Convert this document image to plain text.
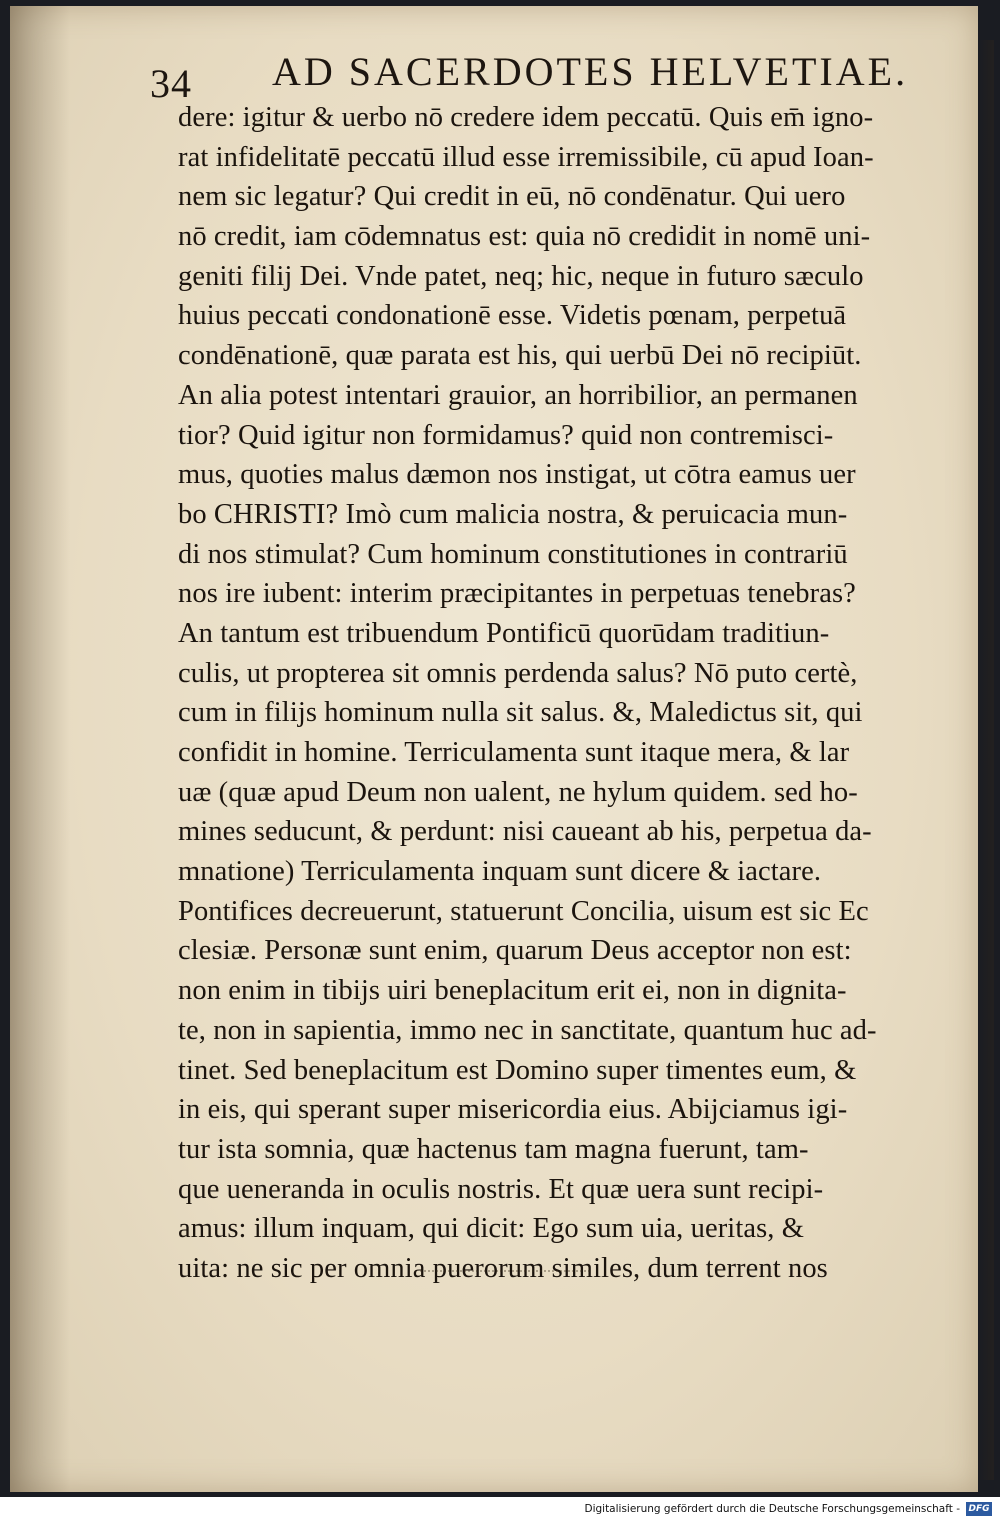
34 AD SACERDOTES HELVETIAE.
dere: igitur & uerbo nō credere idem peccatū. Quis em̄ igno-
rat infidelitatē peccatū illud esse irremissibile, cū apud Ioan-
nem sic legatur? Qui credit in eū, nō condēnatur. Qui uero
nō credit, iam cōdemnatus est: quia nō credidit in nomē uni-
geniti filij Dei. Vnde patet, neq; hic, neque in futuro sæculo
huius peccati condonationē esse. Videtis pœnam, perpetuā
condēnationē, quæ parata est his, qui uerbū Dei nō recipiūt.
An alia potest intentari grauior, an horribilior, an permanen
tior? Quid igitur non formidamus? quid non contremisci-
mus, quoties malus dæmon nos instigat, ut cōtra eamus uer
bo CHRISTI? Imò cum malicia nostra, & peruicacia mun-
di nos stimulat? Cum hominum constitutiones in contrariū
nos ire iubent: interim præcipitantes in perpetuas tenebras?
An tantum est tribuendum Pontificū quorūdam traditiun-
culis, ut propterea sit omnis perdenda salus? Nō puto certè,
cum in filijs hominum nulla sit salus. &, Maledictus sit, qui
confidit in homine. Terriculamenta sunt itaque mera, & lar
uæ (quæ apud Deum non ualent, ne hylum quidem. sed ho-
mines seducunt, & perdunt: nisi caueant ab his, perpetua da-
mnatione) Terriculamenta inquam sunt dicere & iactare.
Pontifices decreuerunt, statuerunt Concilia, uisum est sic Ec
clesiæ. Personæ sunt enim, quarum Deus acceptor non est:
non enim in tibijs uiri beneplacitum erit ei, non in dignita-
te, non in sapientia, immo nec in sanctitate, quantum huc ad-
tinet. Sed beneplacitum est Domino super timentes eum, &
in eis, qui sperant super misericordia eius. Abijciamus igi-
tur ista somnia, quæ hactenus tam magna fuerunt, tam-
que ueneranda in oculis nostris. Et quæ uera sunt recipi-
amus: illum inquam, qui dicit: Ego sum uia, ueritas, &
uita: ne sic per omnia puerorum similes, dum terrent nos
Digitalisierung gefördert durch die Deutsche Forschungsgemeinschaft - DFG
